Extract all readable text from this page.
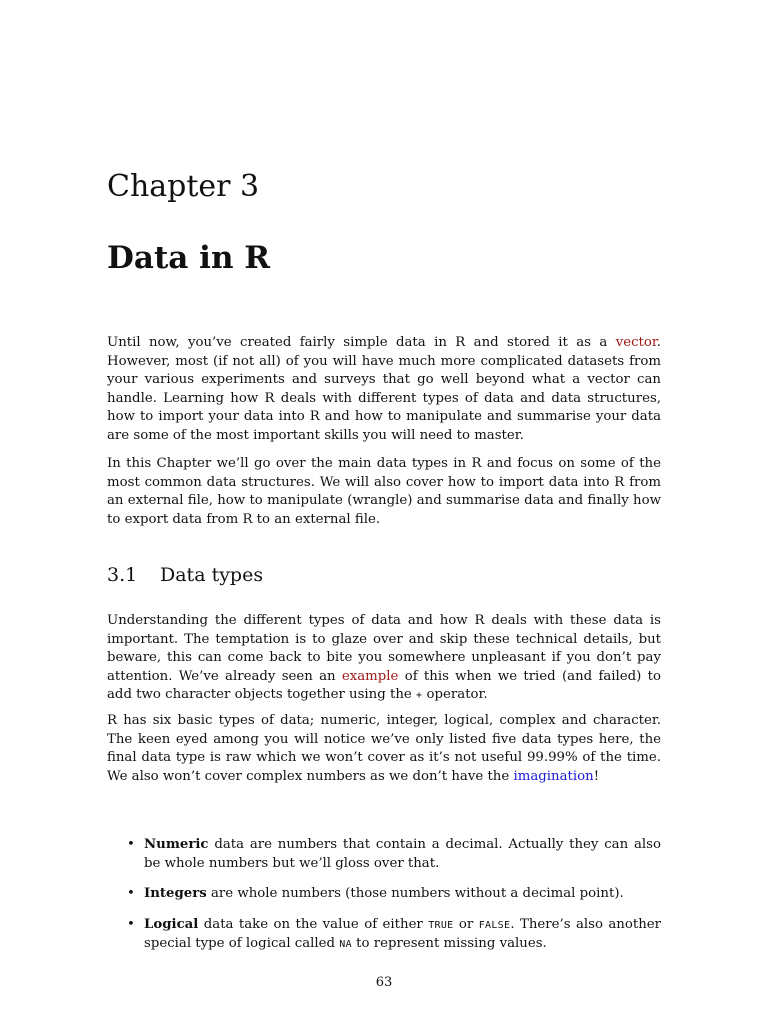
Chapter 3
Data in R

Until now, you’ve created fairly simple data in R and stored it as a vector. However, most (if not all) of you will have much more complicated datasets from your various experiments and surveys that go well beyond what a vector can handle. Learning how R deals with different types of data and data structures, how to import your data into R and how to manipulate and summarise your data are some of the most important skills you will need to master.

In this Chapter we’ll go over the main data types in R and focus on some of the most common data structures. We will also cover how to import data into R from an external file, how to manipulate (wrangle) and summarise data and finally how to export data from R to an external file.

3.1 Data types

Understanding the different types of data and how R deals with these data is important. The temptation is to glaze over and skip these technical details, but beware, this can come back to bite you somewhere unpleasant if you don’t pay attention. We’ve already seen an example of this when we tried (and failed) to add two character objects together using the + operator.

R has six basic types of data; numeric, integer, logical, complex and character. The keen eyed among you will notice we’ve only listed five data types here, the final data type is raw which we won’t cover as it’s not useful 99.99% of the time. We also won’t cover complex numbers as we don’t have the imagination!

• Numeric data are numbers that contain a decimal. Actually they can also be whole numbers but we’ll gloss over that.
• Integers are whole numbers (those numbers without a decimal point).
• Logical data take on the value of either TRUE or FALSE. There’s also another special type of logical called NA to represent missing values.
63
